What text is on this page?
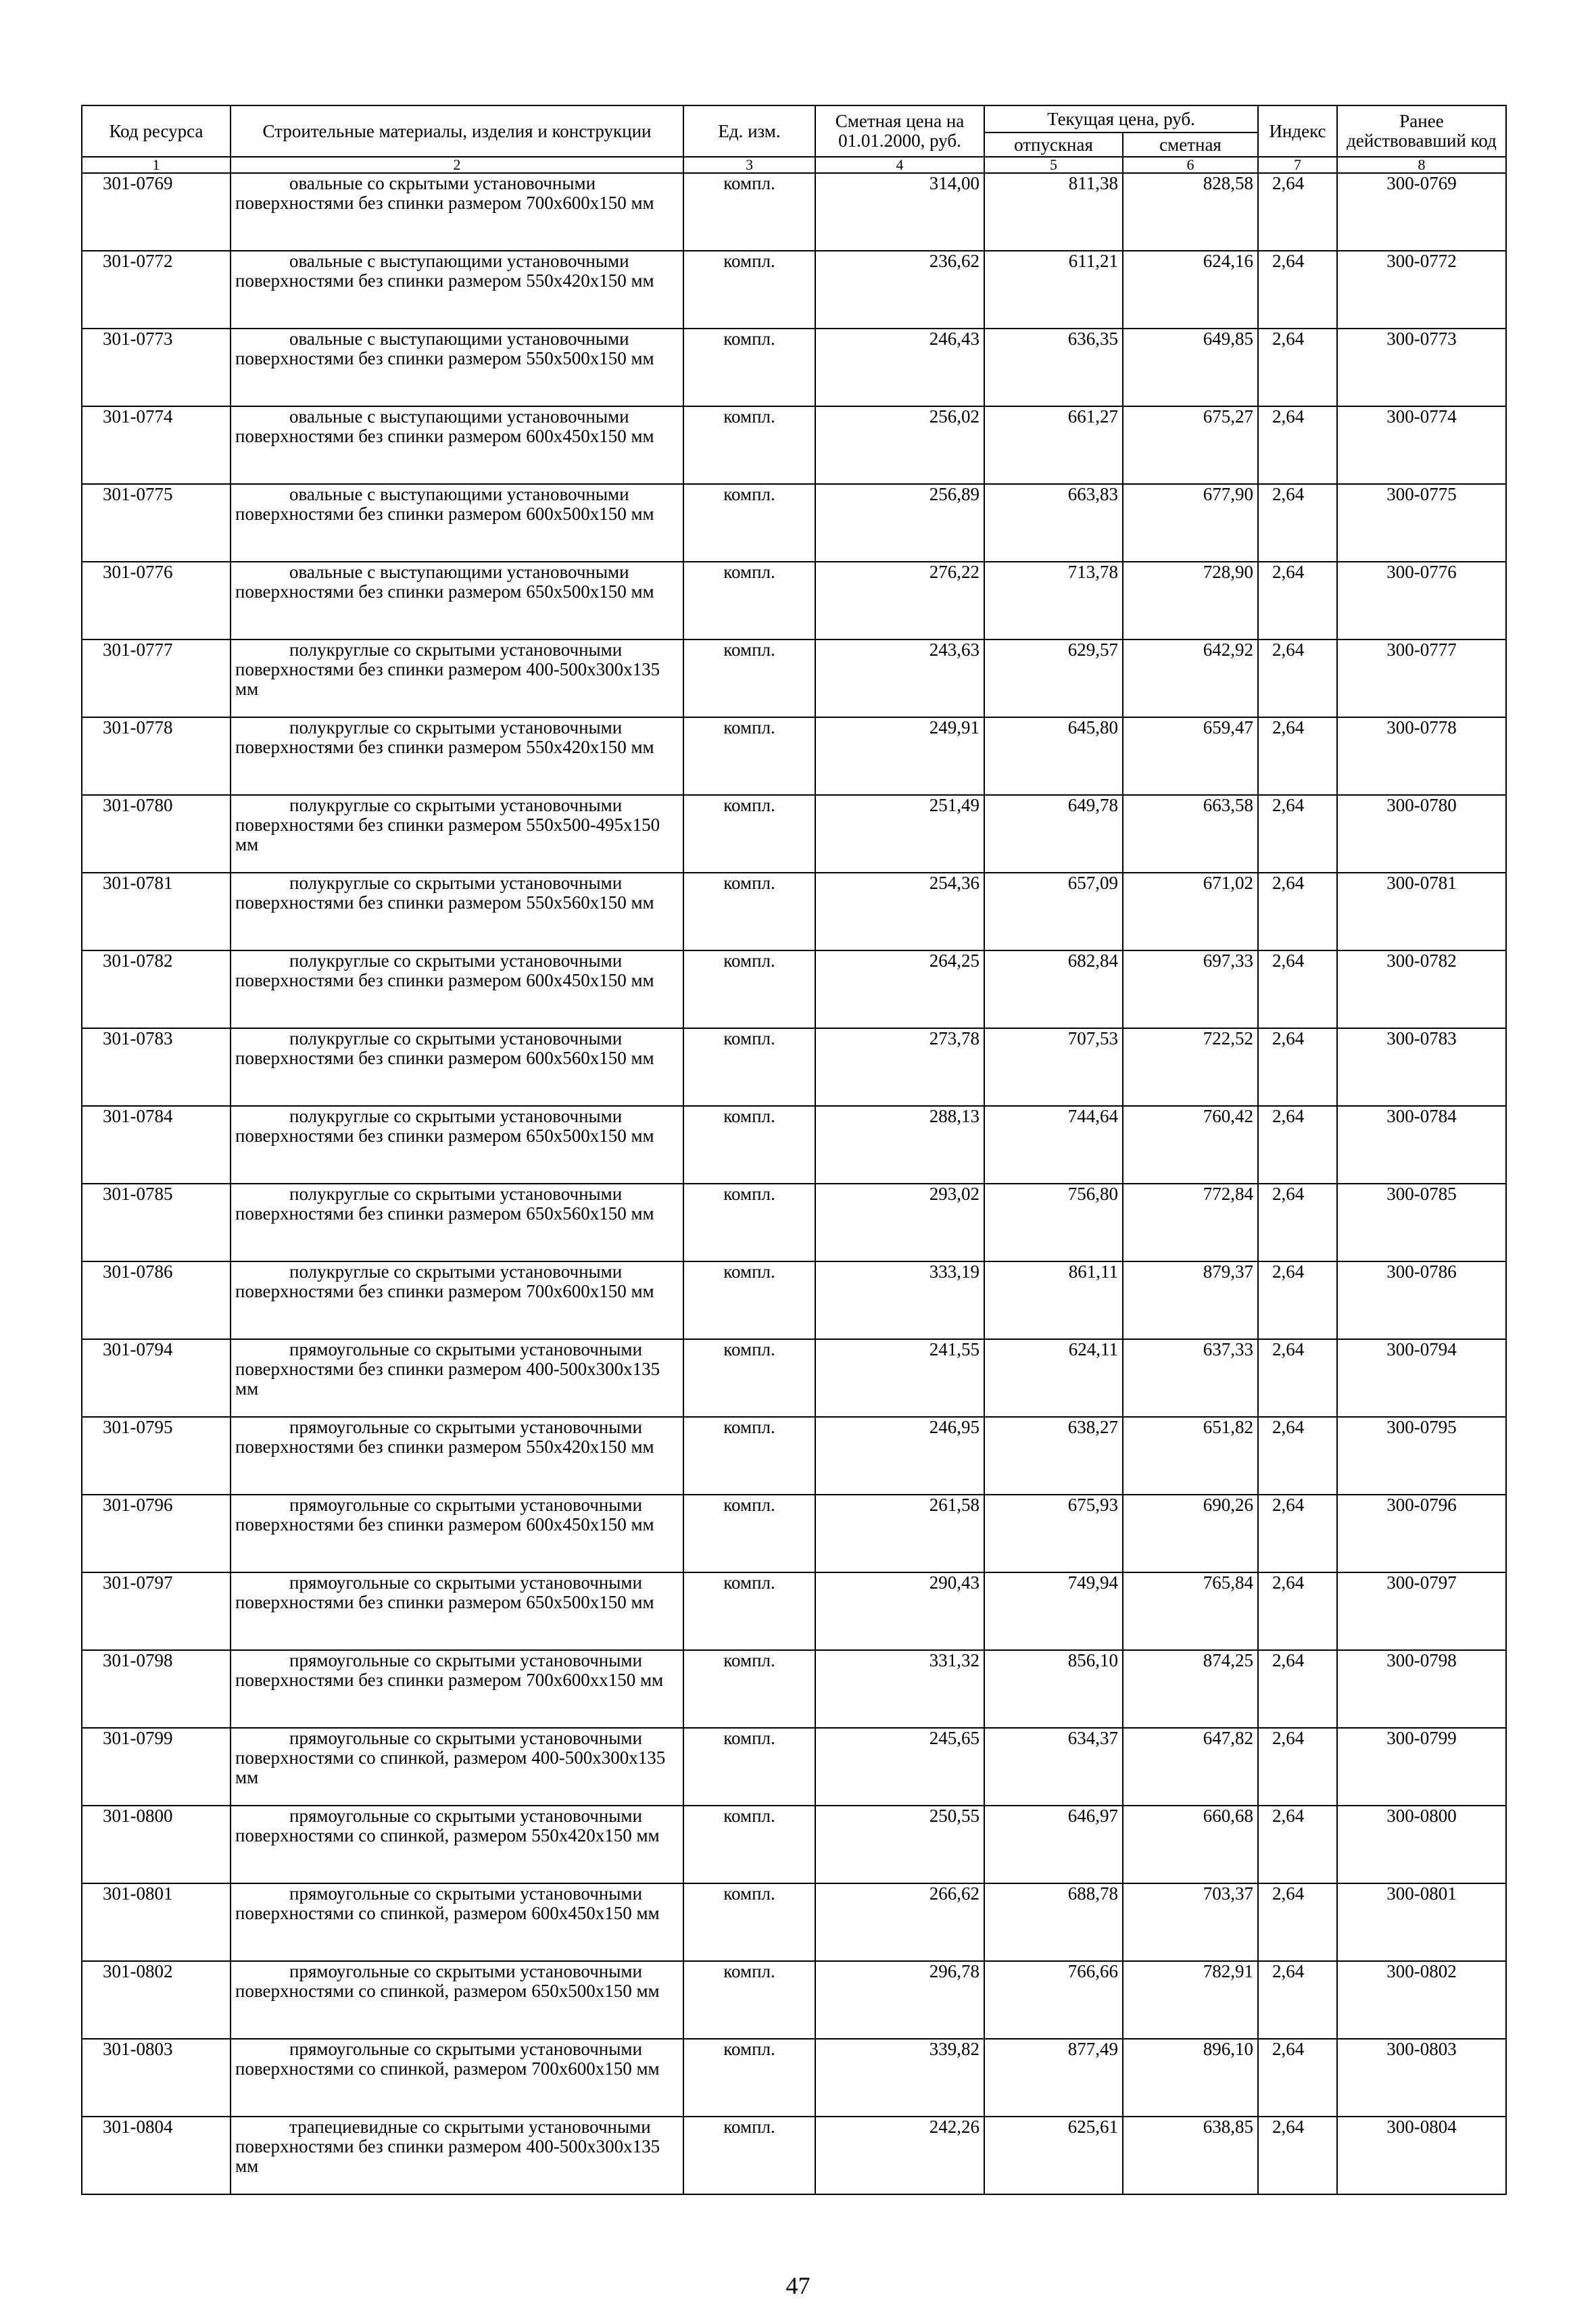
Код ресурса	Строительные материалы, изделия и конструкции	Ед. изм.	Сметная цена на 01.01.2000, руб.	Текущая цена, руб.		Индекс	Ранее действовавший код
				отпускная	сметная		
1	2	3	4	5	6	7	8
301-0769	овальные со скрытыми установочными поверхностями без спинки размером 700х600х150 мм	компл.	314,00	811,38	828,58	2,64	300-0769
301-0772	овальные с выступающими установочными поверхностями без спинки размером 550х420х150 мм	компл.	236,62	611,21	624,16	2,64	300-0772
301-0773	овальные с выступающими установочными поверхностями без спинки размером 550х500х150 мм	компл.	246,43	636,35	649,85	2,64	300-0773
301-0774	овальные с выступающими установочными поверхностями без спинки размером 600х450х150 мм	компл.	256,02	661,27	675,27	2,64	300-0774
301-0775	овальные с выступающими установочными поверхностями без спинки размером 600х500х150 мм	компл.	256,89	663,83	677,90	2,64	300-0775
301-0776	овальные с выступающими установочными поверхностями без спинки размером 650х500х150 мм	компл.	276,22	713,78	728,90	2,64	300-0776
301-0777	полукруглые со скрытыми установочными поверхностями без спинки размером 400-500х300х135 мм	компл.	243,63	629,57	642,92	2,64	300-0777
301-0778	полукруглые со скрытыми установочными поверхностями без спинки размером 550х420х150 мм	компл.	249,91	645,80	659,47	2,64	300-0778
301-0780	полукруглые со скрытыми установочными поверхностями без спинки размером 550х500-495х150 мм	компл.	251,49	649,78	663,58	2,64	300-0780
301-0781	полукруглые со скрытыми установочными поверхностями без спинки размером 550х560х150 мм	компл.	254,36	657,09	671,02	2,64	300-0781
301-0782	полукруглые со скрытыми установочными поверхностями без спинки размером 600х450х150 мм	компл.	264,25	682,84	697,33	2,64	300-0782
301-0783	полукруглые со скрытыми установочными поверхностями без спинки размером 600х560х150 мм	компл.	273,78	707,53	722,52	2,64	300-0783
301-0784	полукруглые со скрытыми установочными поверхностями без спинки размером 650х500х150 мм	компл.	288,13	744,64	760,42	2,64	300-0784
301-0785	полукруглые со скрытыми установочными поверхностями без спинки размером 650х560х150 мм	компл.	293,02	756,80	772,84	2,64	300-0785
301-0786	полукруглые со скрытыми установочными поверхностями без спинки размером 700х600х150 мм	компл.	333,19	861,11	879,37	2,64	300-0786
301-0794	прямоугольные со скрытыми установочными поверхностями без спинки размером 400-500х300х135 мм	компл.	241,55	624,11	637,33	2,64	300-0794
301-0795	прямоугольные со скрытыми установочными поверхностями без спинки размером 550х420х150 мм	компл.	246,95	638,27	651,82	2,64	300-0795
301-0796	прямоугольные со скрытыми установочными поверхностями без спинки размером 600х450х150 мм	компл.	261,58	675,93	690,26	2,64	300-0796
301-0797	прямоугольные со скрытыми установочными поверхностями без спинки размером 650х500х150 мм	компл.	290,43	749,94	765,84	2,64	300-0797
301-0798	прямоугольные со скрытыми установочными поверхностями без спинки размером 700х600хх150 мм	компл.	331,32	856,10	874,25	2,64	300-0798
301-0799	прямоугольные со скрытыми установочными поверхностями со спинкой, размером 400-500х300х135 мм	компл.	245,65	634,37	647,82	2,64	300-0799
301-0800	прямоугольные со скрытыми установочными поверхностями со спинкой, размером 550х420х150 мм	компл.	250,55	646,97	660,68	2,64	300-0800
301-0801	прямоугольные со скрытыми установочными поверхностями со спинкой, размером 600х450х150 мм	компл.	266,62	688,78	703,37	2,64	300-0801
301-0802	прямоугольные со скрытыми установочными поверхностями со спинкой, размером 650х500х150 мм	компл.	296,78	766,66	782,91	2,64	300-0802
301-0803	прямоугольные со скрытыми установочными поверхностями со спинкой, размером 700х600х150 мм	компл.	339,82	877,49	896,10	2,64	300-0803
301-0804	трапециевидные со скрытыми установочными поверхностями без спинки размером 400-500х300х135 мм	компл.	242,26	625,61	638,85	2,64	300-0804
47
